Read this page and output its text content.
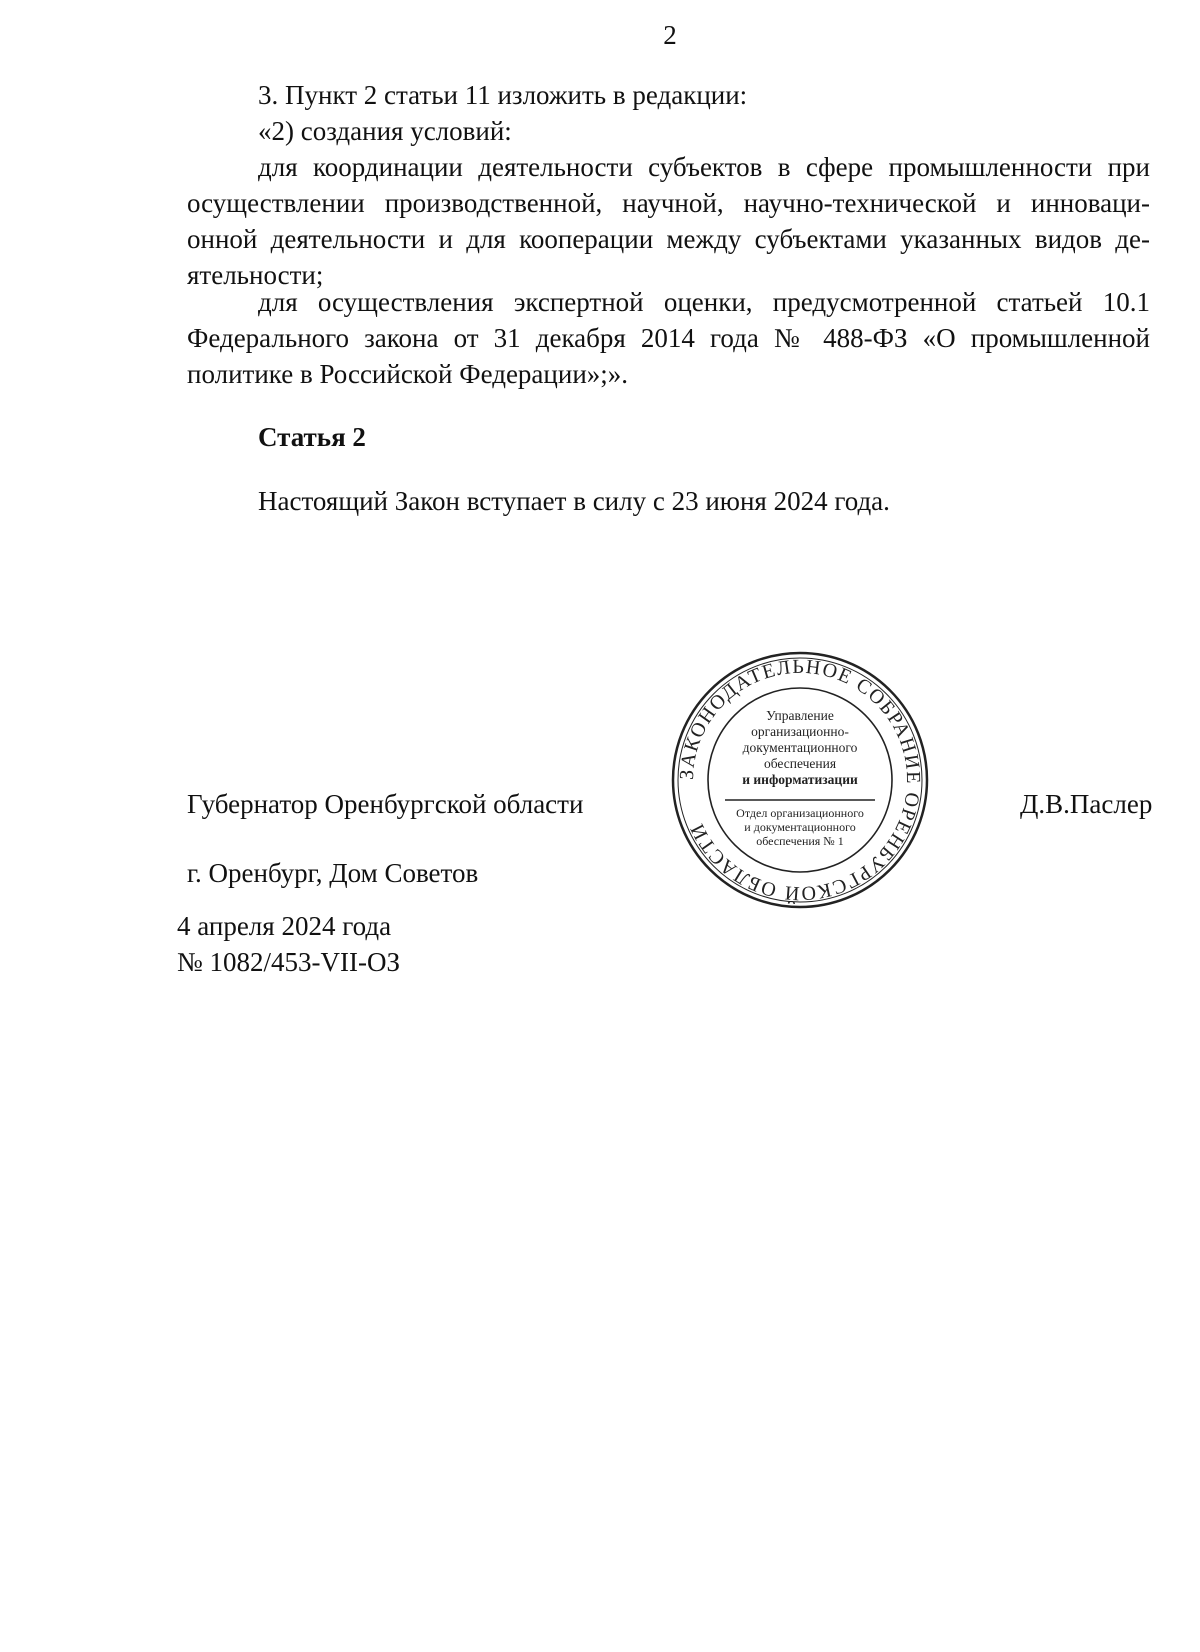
2
3. Пункт 2 статьи 11 изложить в редакции:
«2) создания условий:
для координации деятельности субъектов в сфере промышленности при
осуществлении производственной, научной, научно-технической и инноваци-
онной деятельности и для кооперации между субъектами указанных видов де-
ятельности;
для осуществления экспертной оценки, предусмотренной статьей 10.1
Федерального закона от 31 декабря 2014 года № 488-ФЗ «О промышленной
политике в Российской Федерации»;».
Статья 2
Настоящий Закон вступает в силу с 23 июня 2024 года.
Губернатор Оренбургской области	Д.В.Паслер
г. Оренбург, Дом Советов
4 апреля 2024 года
№ 1082/453-VII-ОЗ
ЗАКОНОДАТЕЛЬНОЕ СОБРАНИЕ ОРЕНБУРГСКОЙ ОБЛАСТИ
Управление
организационно-
документационного
обеспечения
и информатизации
Отдел организационного
и документационного
обеспечения № 1
